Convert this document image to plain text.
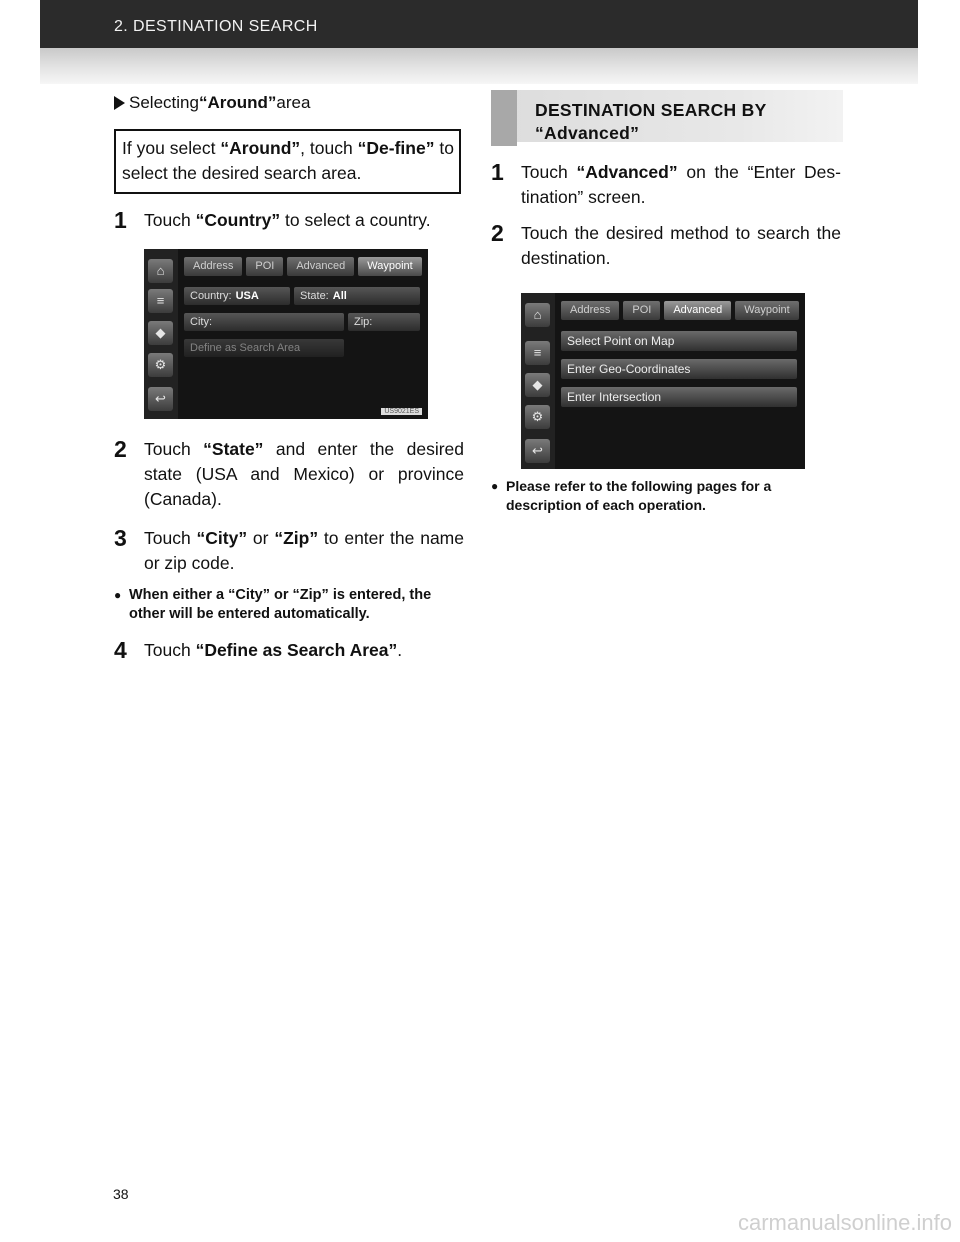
2. DESTINATION SEARCH
Selecting “Around” area
If you select “Around”, touch “De-fine” to select the desired search area.
1 Touch “Country” to select a country.
⌂
≡
◆
⚙
↩
Address	POI	Advanced	Waypoint
Country: USA	State: All
City:	Zip:
Define as Search Area
US9021ES
2 Touch “State” and enter the desired state (USA and Mexico) or province (Canada).
3 Touch “City” or “Zip” to enter the name or zip code.
● When either a “City” or “Zip” is entered, the other will be entered automatically.
4 Touch “Define as Search Area”.
DESTINATION SEARCH BY
“Advanced”
1 Touch “Advanced” on the “Enter Des-tination” screen.
2 Touch the desired method to search the destination.
⌂
≡
◆
⚙
↩
Address	POI	Advanced	Waypoint
Select Point on Map
Enter Geo-Coordinates
Enter Intersection
● Please refer to the following pages for a description of each operation.
38
carmanualsonline.info
